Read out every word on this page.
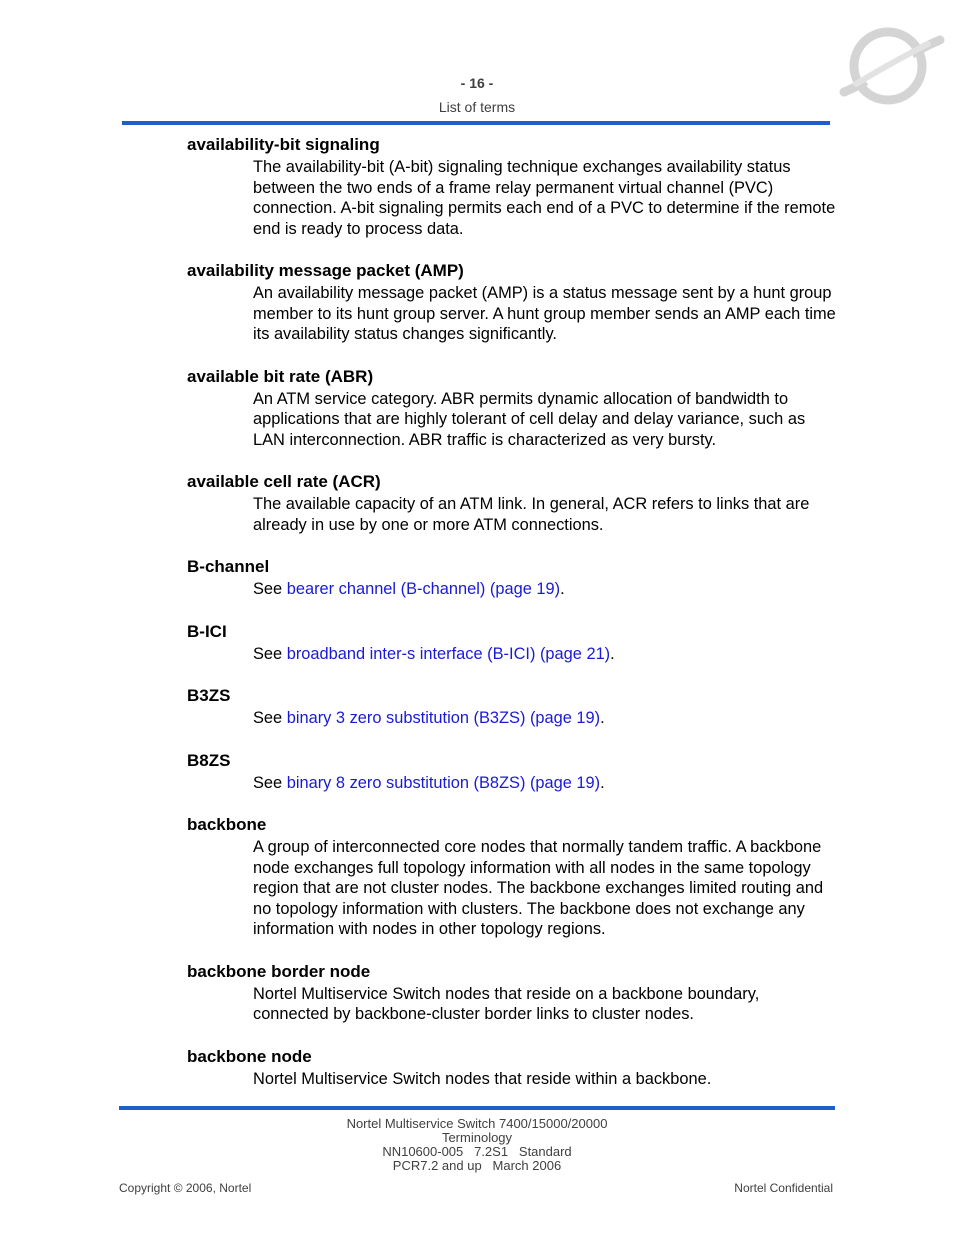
- 16 -
List of terms

availability-bit signaling

The availability-bit (A-bit) signaling technique exchanges availability status between the two ends of a frame relay permanent virtual channel (PVC) connection. A-bit signaling permits each end of a PVC to determine if the remote end is ready to process data.

availability message packet (AMP)

An availability message packet (AMP) is a status message sent by a hunt group member to its hunt group server. A hunt group member sends an AMP each time its availability status changes significantly.

available bit rate (ABR)

An ATM service category. ABR permits dynamic allocation of bandwidth to applications that are highly tolerant of cell delay and delay variance, such as LAN interconnection. ABR traffic is characterized as very bursty.

available cell rate (ACR)

The available capacity of an ATM link. In general, ACR refers to links that are already in use by one or more ATM connections.

B-channel

See bearer channel (B-channel) (page 19).

B-ICI

See broadband inter-s interface (B-ICI) (page 21).

B3ZS

See binary 3 zero substitution (B3ZS) (page 19).

B8ZS

See binary 8 zero substitution (B8ZS) (page 19).

backbone

A group of interconnected core nodes that normally tandem traffic. A backbone node exchanges full topology information with all nodes in the same topology region that are not cluster nodes. The backbone exchanges limited routing and no topology information with clusters. The backbone does not exchange any information with nodes in other topology regions.

backbone border node

Nortel Multiservice Switch nodes that reside on a backbone boundary, connected by backbone-cluster border links to cluster nodes.

backbone node

Nortel Multiservice Switch nodes that reside within a backbone.

Nortel Multiservice Switch 7400/15000/20000
Terminology
NN10600-005   7.2S1   Standard
PCR7.2 and up   March 2006
Copyright © 2006, Nortel	Nortel Confidential
